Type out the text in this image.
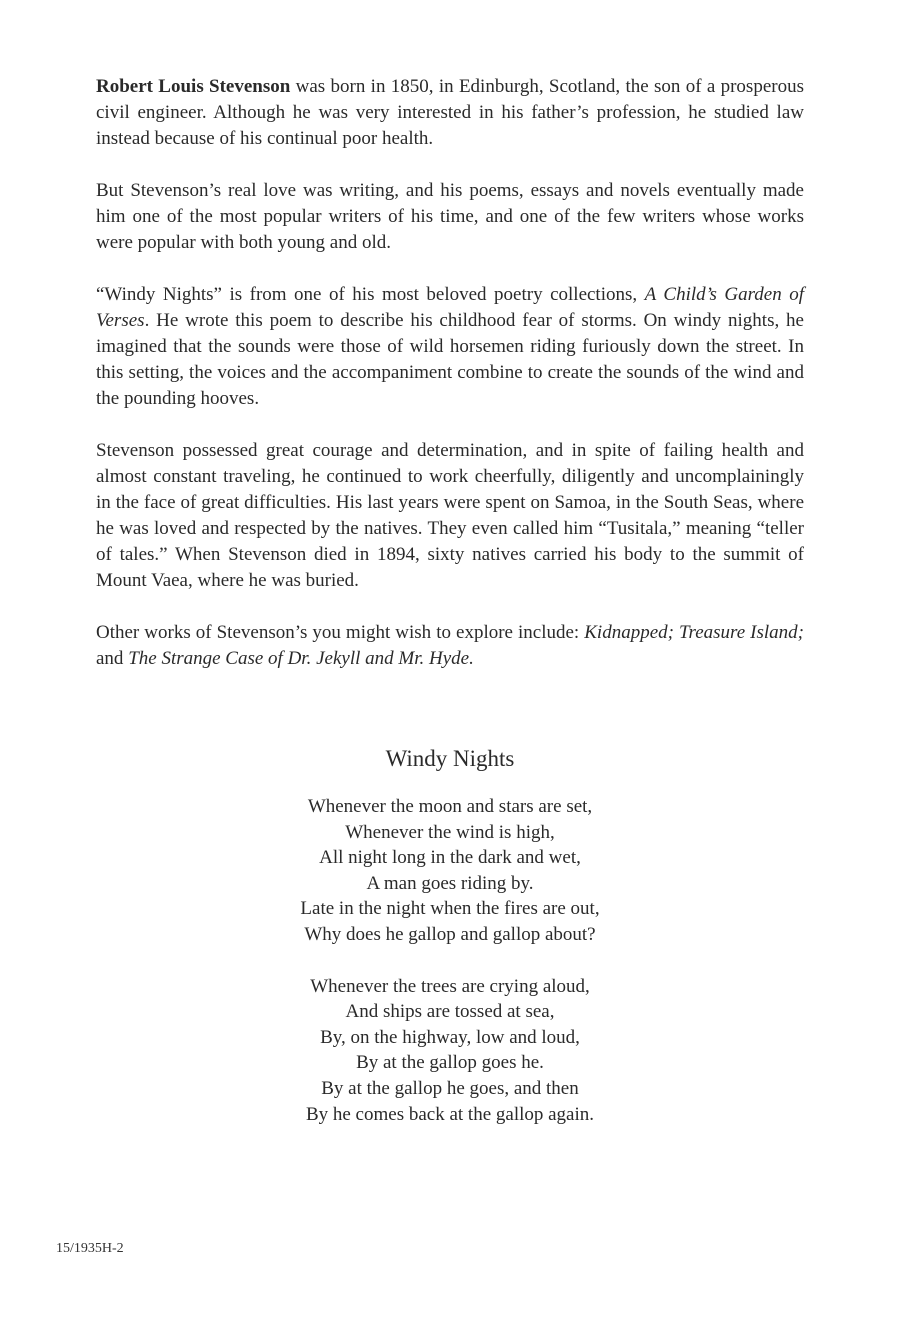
Robert Louis Stevenson was born in 1850, in Edinburgh, Scotland, the son of a prosperous civil engineer. Although he was very interested in his father’s profession, he studied law instead because of his continual poor health.

But Stevenson’s real love was writing, and his poems, essays and novels eventually made him one of the most popular writers of his time, and one of the few writers whose works were popular with both young and old.

“Windy Nights” is from one of his most beloved poetry collections, A Child’s Garden of Verses. He wrote this poem to describe his childhood fear of storms. On windy nights, he imagined that the sounds were those of wild horsemen riding furiously down the street. In this setting, the voices and the accompaniment combine to create the sounds of the wind and the pounding hooves.

Stevenson possessed great courage and determination, and in spite of failing health and almost constant traveling, he continued to work cheerfully, diligently and uncomplainingly in the face of great difficulties. His last years were spent on Samoa, in the South Seas, where he was loved and respected by the natives. They even called him “Tusitala,” meaning “teller of tales.” When Stevenson died in 1894, sixty natives carried his body to the summit of Mount Vaea, where he was buried.

Other works of Stevenson’s you might wish to explore include: Kidnapped; Treasure Island; and The Strange Case of Dr. Jekyll and Mr. Hyde.

Windy Nights
Whenever the moon and stars are set,
Whenever the wind is high,
All night long in the dark and wet,
A man goes riding by.
Late in the night when the fires are out,
Why does he gallop and gallop about?
Whenever the trees are crying aloud,
And ships are tossed at sea,
By, on the highway, low and loud,
By at the gallop goes he.
By at the gallop he goes, and then
By he comes back at the gallop again.
15/1935H-2
